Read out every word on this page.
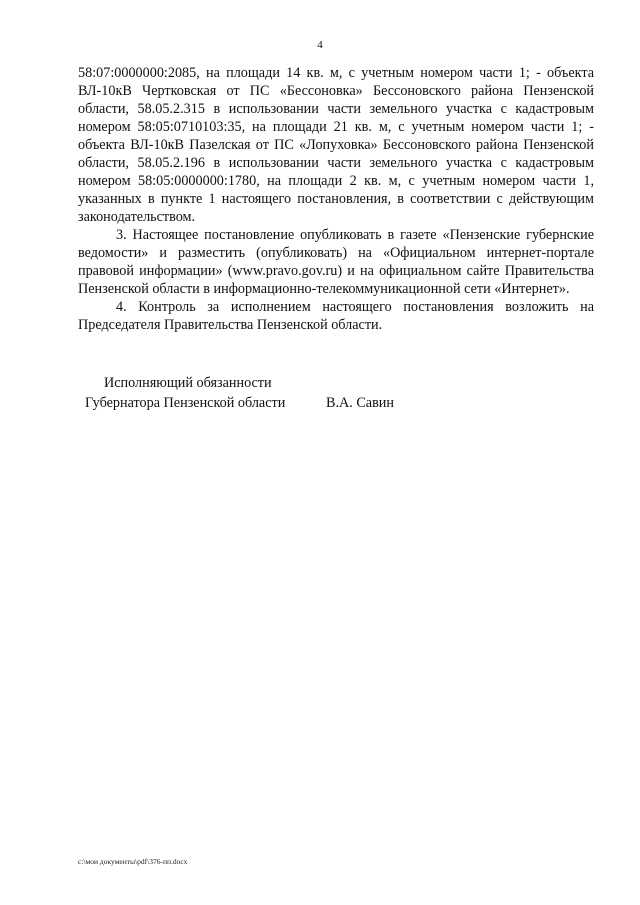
4

58:07:0000000:2085, на площади 14 кв. м, с учетным номером части 1; - объекта ВЛ-10кВ Чертковская от ПС «Бессоновка» Бессоновского района Пензенской области, 58.05.2.315 в использовании части земельного участка с кадастровым номером 58:05:0710103:35, на площади 21 кв. м, с учетным номером части 1; - объекта ВЛ-10кВ Пазелская от ПС «Лопуховка» Бессоновского района Пензенской области, 58.05.2.196 в использовании части земельного участка с кадастровым номером 58:05:0000000:1780, на площади 2 кв. м, с учетным номером части 1, указанных в пункте 1 настоящего постановления, в соответствии с действующим законодательством.

3. Настоящее постановление опубликовать в газете «Пензенские губернские ведомости» и разместить (опубликовать) на «Официальном интернет-портале правовой информации» (www.pravo.gov.ru) и на официальном сайте Правительства Пензенской области в информационно-телекоммуникационной сети «Интернет».

4. Контроль за исполнением настоящего постановления возложить на Председателя Правительства Пензенской области.

Исполняющий обязанности
Губернатора Пензенской области	В.А. Савин
c:\мои документы\pdf\376-пп.docx
